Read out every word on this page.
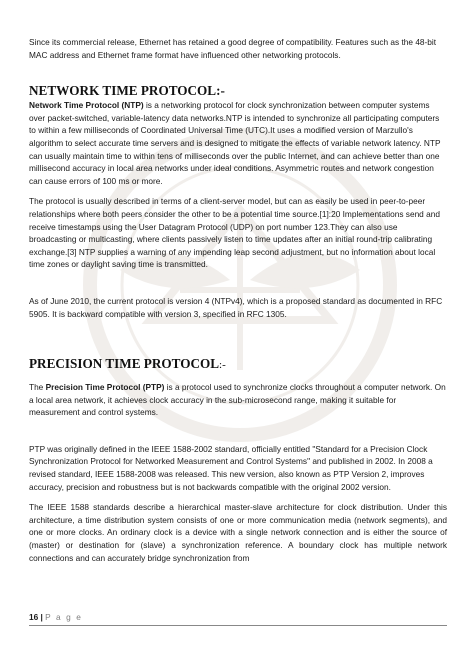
Since its commercial release, Ethernet has retained a good degree of compatibility. Features such as the 48-bit MAC address and Ethernet frame format have influenced other networking protocols.

NETWORK TIME PROTOCOL:-

Network Time Protocol (NTP) is a networking protocol for clock synchronization between computer systems over packet-switched, variable-latency data networks.NTP is intended to synchronize all participating computers to within a few milliseconds of Coordinated Universal Time (UTC).It uses a modified version of Marzullo's algorithm to select accurate time servers and is designed to mitigate the effects of variable network latency. NTP can usually maintain time to within tens of milliseconds over the public Internet, and can achieve better than one millisecond accuracy in local area networks under ideal conditions. Asymmetric routes and network congestion can cause errors of 100 ms or more.

The protocol is usually described in terms of a client-server model, but can as easily be used in peer-to-peer relationships where both peers consider the other to be a potential time source.[1]:20 Implementations send and receive timestamps using the User Datagram Protocol (UDP) on port number 123.They can also use broadcasting or multicasting, where clients passively listen to time updates after an initial round-trip calibrating exchange.[3] NTP supplies a warning of any impending leap second adjustment, but no information about local time zones or daylight saving time is transmitted.

As of June 2010, the current protocol is version 4 (NTPv4), which is a proposed standard as documented in RFC 5905. It is backward compatible with version 3, specified in RFC 1305.

PRECISION TIME PROTOCOL:-

The Precision Time Protocol (PTP) is a protocol used to synchronize clocks throughout a computer network. On a local area network, it achieves clock accuracy in the sub-microsecond range, making it suitable for measurement and control systems.

PTP was originally defined in the IEEE 1588-2002 standard, officially entitled "Standard for a Precision Clock Synchronization Protocol for Networked Measurement and Control Systems" and published in 2002. In 2008 a revised standard, IEEE 1588-2008 was released. This new version, also known as PTP Version 2, improves accuracy, precision and robustness but is not backwards compatible with the original 2002 version.

The IEEE 1588 standards describe a hierarchical master-slave architecture for clock distribution. Under this architecture, a time distribution system consists of one or more communication media (network segments), and one or more clocks. An ordinary clock is a device with a single network connection and is either the source of (master) or destination for (slave) a synchronization reference. A boundary clock has multiple network connections and can accurately bridge synchronization from

16 | P a g e
